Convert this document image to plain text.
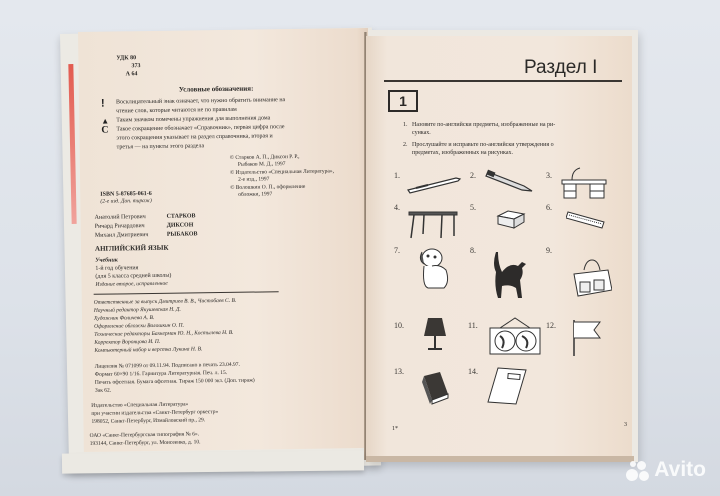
УДК 80
373
А 64
Условные обозначения:
! Восклицательный знак означает, что нужно обратить внимание на
чтение слов, которые читаются не по правилам
▲ Таким значком помечены упражнения для выполнения дома
С Такое сокращение обозначает «Справочник», первая цифра после
этого сокращения указывает на раздел справочника, вторая и
третья — на пункты этого раздела
© Старков А. П., Диксон Р. Р.,
Рыбаков М. Д., 1997
© Издательство «Специальная Литература»,
2-е изд., 1997
© Волошкин О. П., оформление
обложки, 1997
ISBN 5-87685-061-6
(2-е изд. Доп. тираж)
Анатолий Петрович	СТАРКОВ
Ричард Ричардович	ДИКСОН
Михаил Дмитриевич	РЫБАКОВ
АНГЛИЙСКИЙ ЯЗЫК
Учебник
1-й год обучения
(для 5 класса средней школы)
Издание второе, исправленное
Ответственные за выпуск Дмитриев В. В., Чистобаев С. В.
Научный редактор Якушевская Н. Д.
Художник Фоличева А. В.
Оформление обложки Волошкин О. П.
Технические редакторы Бахкерман Ю. Н., Костылева Н. В.
Корректор Воронцова И. П.
Компьютерный набор и верстка Лукина Н. В.
Лицензия № 071099 от 09.11.94. Подписано в печать 23.04.97.
Формат 60×90 1/16. Гарнитура Литературная. Печ. л. 15.
Печать офсетная. Бумага офсетная. Тираж 150 000 экз. (Доп. тираж)
Зак 62.
Издательство «Специальная Литература»
при участии издательства «Санкт-Петербург оркестр»
198052, Санкт-Петербург, Измайловский пр., 29.
ОАО «Санкт-Петербургская типография № 6».
193144, Санкт-Петербург, ул. Моисеенко, д. 10.
Раздел I
1
1. Назовите по-английски предметы, изображенные на ри-
сунках.
2. Прослушайте и исправьте по-английски утверждения о
предметах, изображенных на рисунках.
1.	2.	3.
4.	5.	6.
7.	8.	9.
10.	11.	12.
13.	14.
1*
3
Avito
